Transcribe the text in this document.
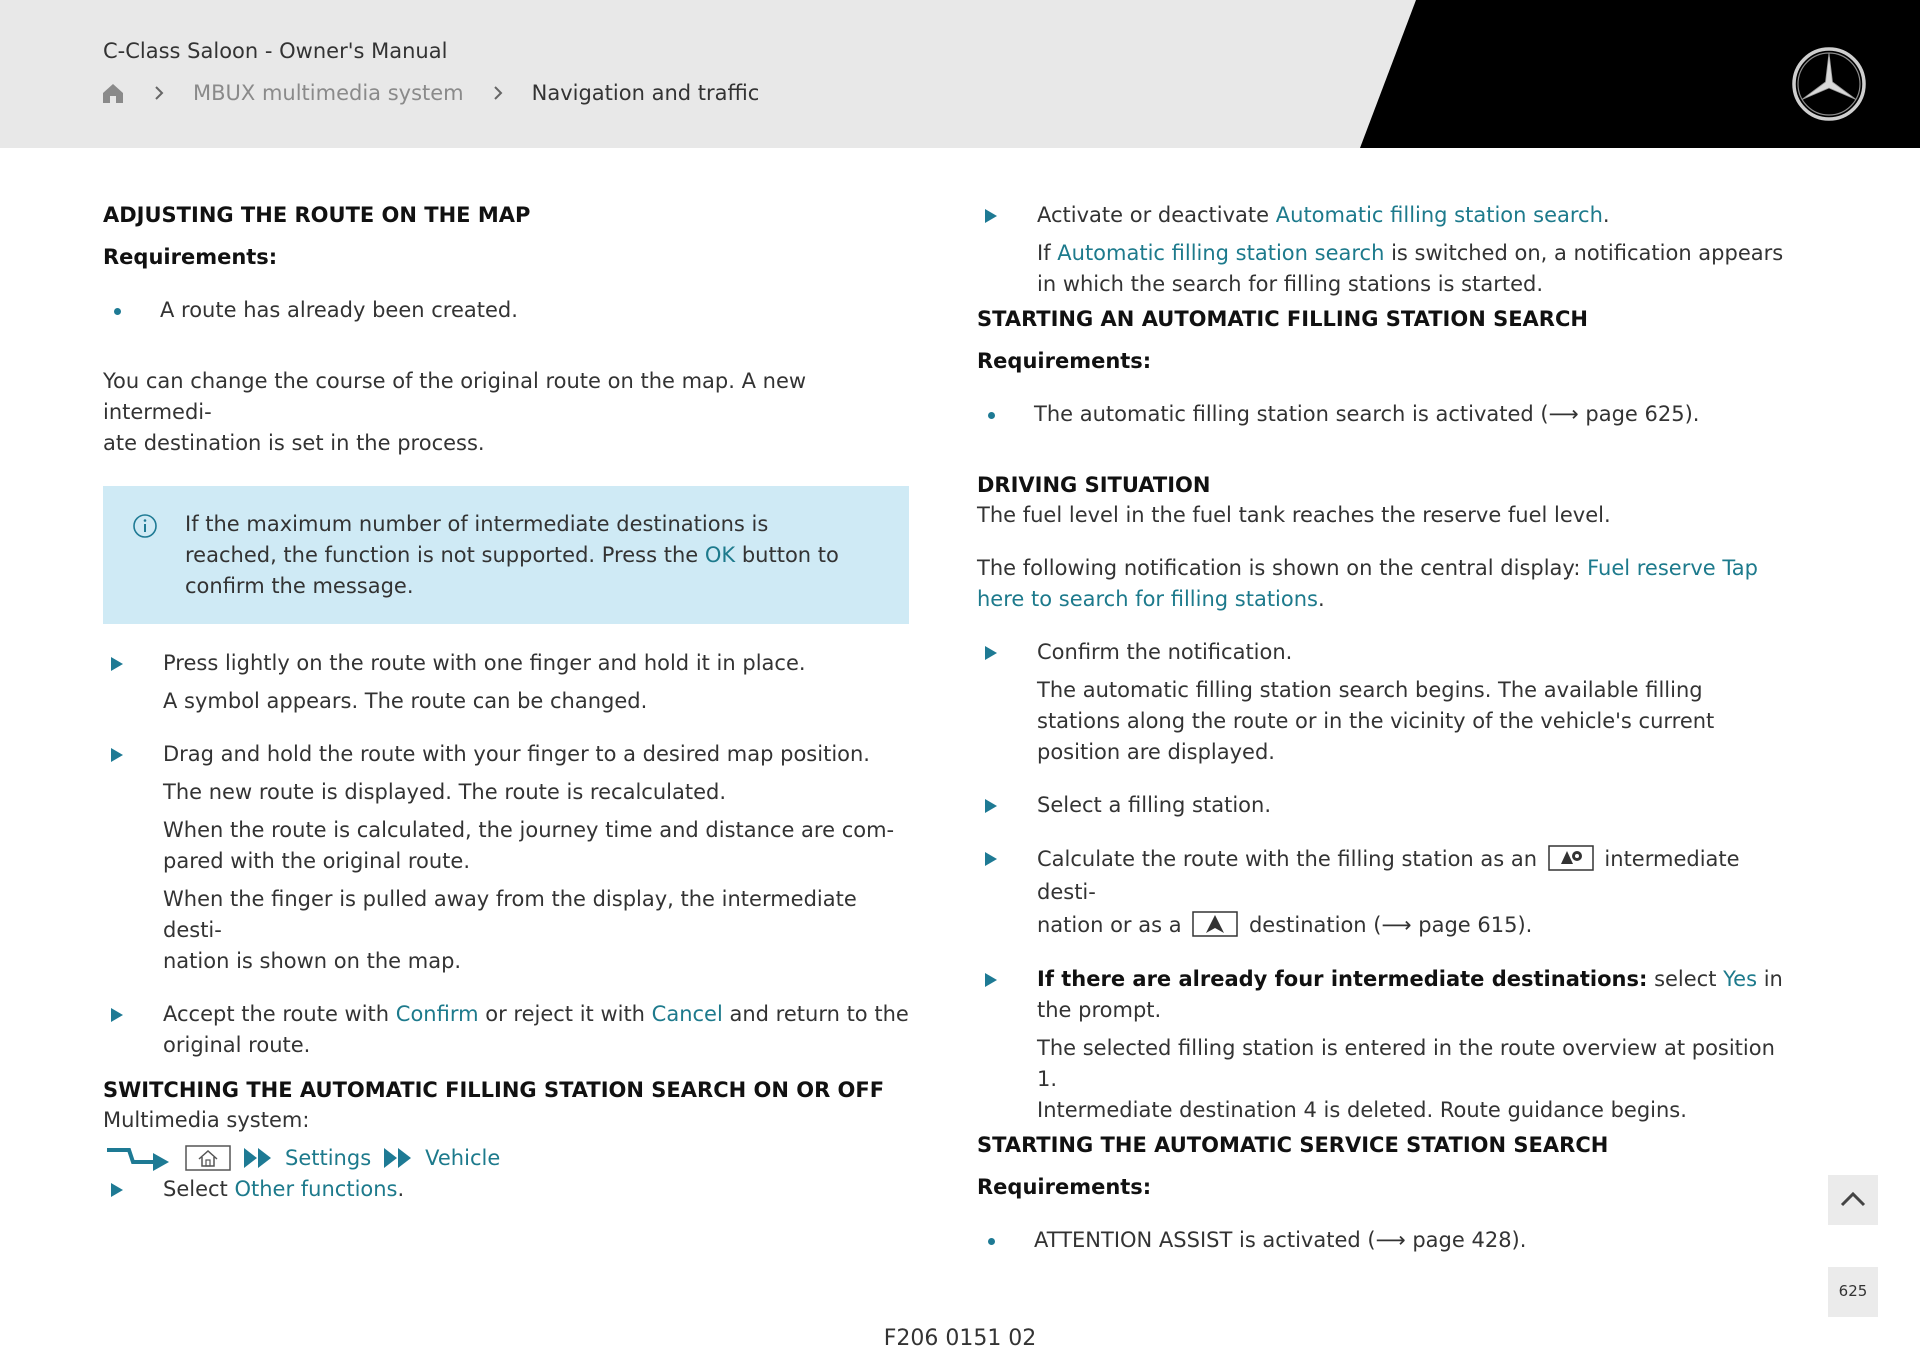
C-Class Saloon - Owner's Manual
MBUX multimedia system	Navigation and traffic
ADJUSTING THE ROUTE ON THE MAP
Requirements:
A route has already been created.
You can change the course of the original route on the map. A new intermedi-
ate destination is set in the process.
If the maximum number of intermediate destinations is reached, the function is not supported. Press the OK button to confirm the message.
Press lightly on the route with one finger and hold it in place.
A symbol appears. The route can be changed.
Drag and hold the route with your finger to a desired map position.
The new route is displayed. The route is recalculated.
When the route is calculated, the journey time and distance are com-
pared with the original route.
When the finger is pulled away from the display, the intermediate desti-
nation is shown on the map.
Accept the route with Confirm or reject it with Cancel and return to the original route.
SWITCHING THE AUTOMATIC FILLING STATION SEARCH ON OR OFF
Multimedia system:
Settings	Vehicle
Select Other functions.
Activate or deactivate Automatic filling station search.
If Automatic filling station search is switched on, a notification appears in which the search for filling stations is started.
STARTING AN AUTOMATIC FILLING STATION SEARCH
Requirements:
The automatic filling station search is activated (⟶ page 625).
DRIVING SITUATION
The fuel level in the fuel tank reaches the reserve fuel level.
The following notification is shown on the central display: Fuel reserve Tap here to search for filling stations.
Confirm the notification.
The automatic filling station search begins. The available filling stations along the route or in the vicinity of the vehicle's current position are displayed.
Select a filling station.
Calculate the route with the filling station as an	intermediate desti-
nation or as a	destination (⟶ page 615).
If there are already four intermediate destinations: select Yes in the prompt.
The selected filling station is entered in the route overview at position 1.
Intermediate destination 4 is deleted. Route guidance begins.
STARTING THE AUTOMATIC SERVICE STATION SEARCH
Requirements:
ATTENTION ASSIST is activated (⟶ page 428).
625
F206 0151 02
